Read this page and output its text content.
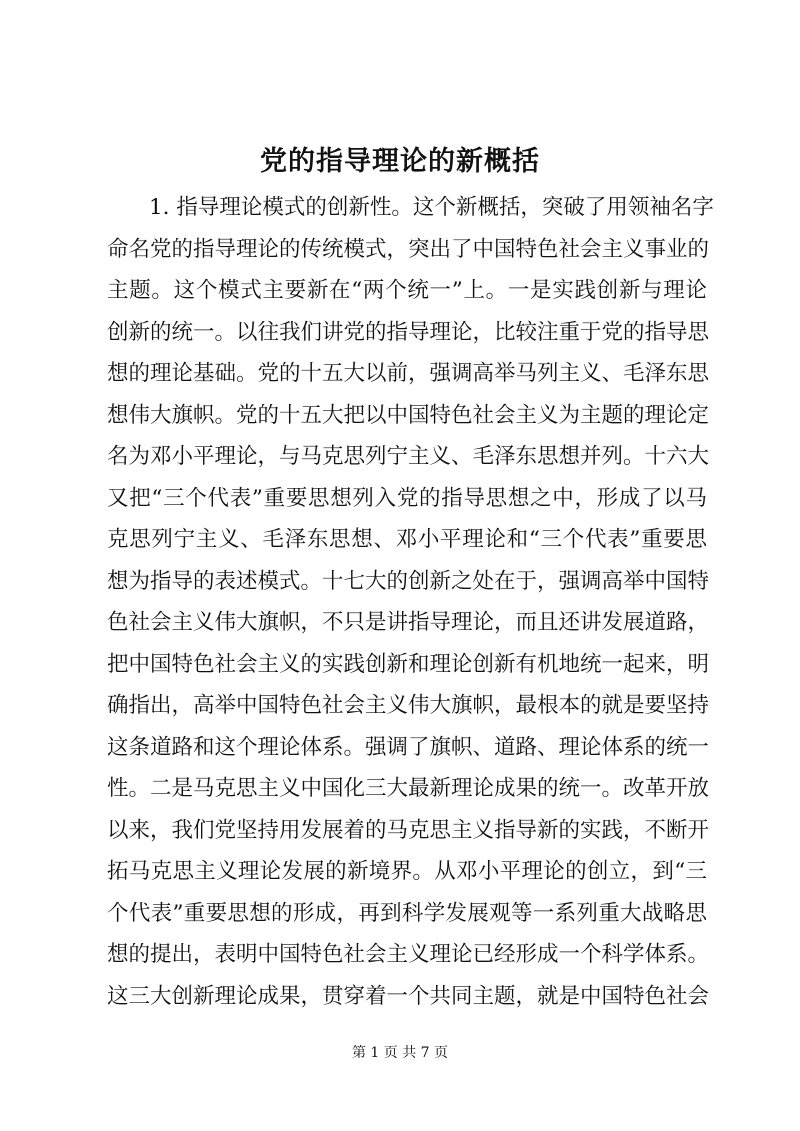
党的指导理论的新概括
1. 指导理论模式的创新性。这个新概括，突破了用领袖名字
命名党的指导理论的传统模式，突出了中国特色社会主义事业的
主题。这个模式主要新在“两个统一”上。一是实践创新与理论
创新的统一。以往我们讲党的指导理论，比较注重于党的指导思
想的理论基础。党的十五大以前，强调高举马列主义、毛泽东思
想伟大旗帜。党的十五大把以中国特色社会主义为主题的理论定
名为邓小平理论，与马克思列宁主义、毛泽东思想并列。十六大
又把“三个代表”重要思想列入党的指导思想之中，形成了以马
克思列宁主义、毛泽东思想、邓小平理论和“三个代表”重要思
想为指导的表述模式。十七大的创新之处在于，强调高举中国特
色社会主义伟大旗帜，不只是讲指导理论，而且还讲发展道路，
把中国特色社会主义的实践创新和理论创新有机地统一起来，明
确指出，高举中国特色社会主义伟大旗帜，最根本的就是要坚持
这条道路和这个理论体系。强调了旗帜、道路、理论体系的统一
性。二是马克思主义中国化三大最新理论成果的统一。改革开放
以来，我们党坚持用发展着的马克思主义指导新的实践，不断开
拓马克思主义理论发展的新境界。从邓小平理论的创立，到“三
个代表”重要思想的形成，再到科学发展观等一系列重大战略思
想的提出，表明中国特色社会主义理论已经形成一个科学体系。
这三大创新理论成果，贯穿着一个共同主题，就是中国特色社会
第 1 页 共 7 页
